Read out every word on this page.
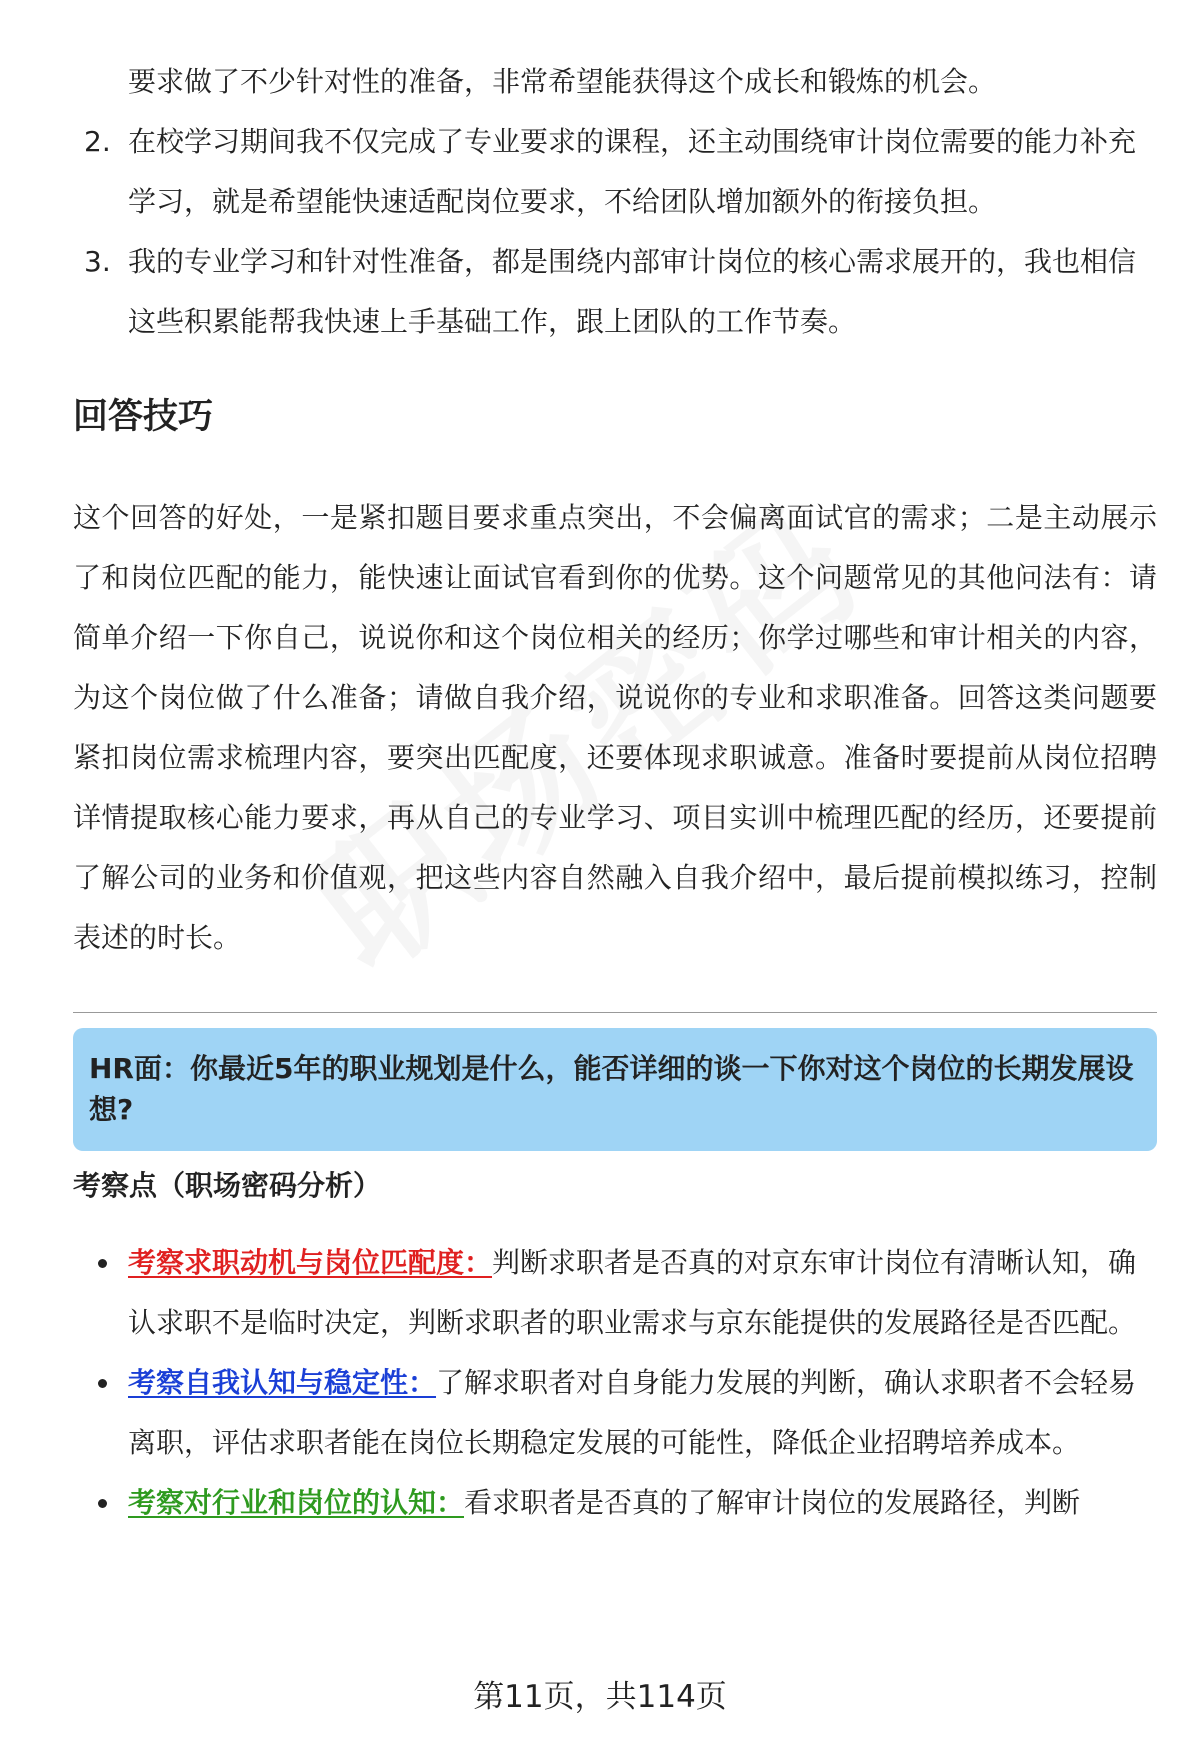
要求做了不少针对性的准备，非常希望能获得这个成长和锻炼的机会。
2. 在校学习期间我不仅完成了专业要求的课程，还主动围绕审计岗位需要的能力补充学习，就是希望能快速适配岗位要求，不给团队增加额外的衔接负担。
3. 我的专业学习和针对性准备，都是围绕内部审计岗位的核心需求展开的，我也相信这些积累能帮我快速上手基础工作，跟上团队的工作节奏。
回答技巧

这个回答的好处，一是紧扣题目要求重点突出，不会偏离面试官的需求；二是主动展示了和岗位匹配的能力，能快速让面试官看到你的优势。这个问题常见的其他问法有：请简单介绍一下你自己，说说你和这个岗位相关的经历；你学过哪些和审计相关的内容，为这个岗位做了什么准备；请做自我介绍，说说你的专业和求职准备。回答这类问题要紧扣岗位需求梳理内容，要突出匹配度，还要体现求职诚意。准备时要提前从岗位招聘详情提取核心能力要求，再从自己的专业学习、项目实训中梳理匹配的经历，还要提前了解公司的业务和价值观，把这些内容自然融入自我介绍中，最后提前模拟练习，控制表述的时长。

HR面：你最近5年的职业规划是什么，能否详细的谈一下你对这个岗位的长期发展设想?
考察点（职场密码分析）
考察求职动机与岗位匹配度：判断求职者是否真的对京东审计岗位有清晰认知，确认求职不是临时决定，判断求职者的职业需求与京东能提供的发展路径是否匹配。
考察自我认知与稳定性：了解求职者对自身能力发展的判断，确认求职者不会轻易离职，评估求职者能在岗位长期稳定发展的可能性，降低企业招聘培养成本。
考察对行业和岗位的认知：看求职者是否真的了解审计岗位的发展路径，判断
第11页，共114页
